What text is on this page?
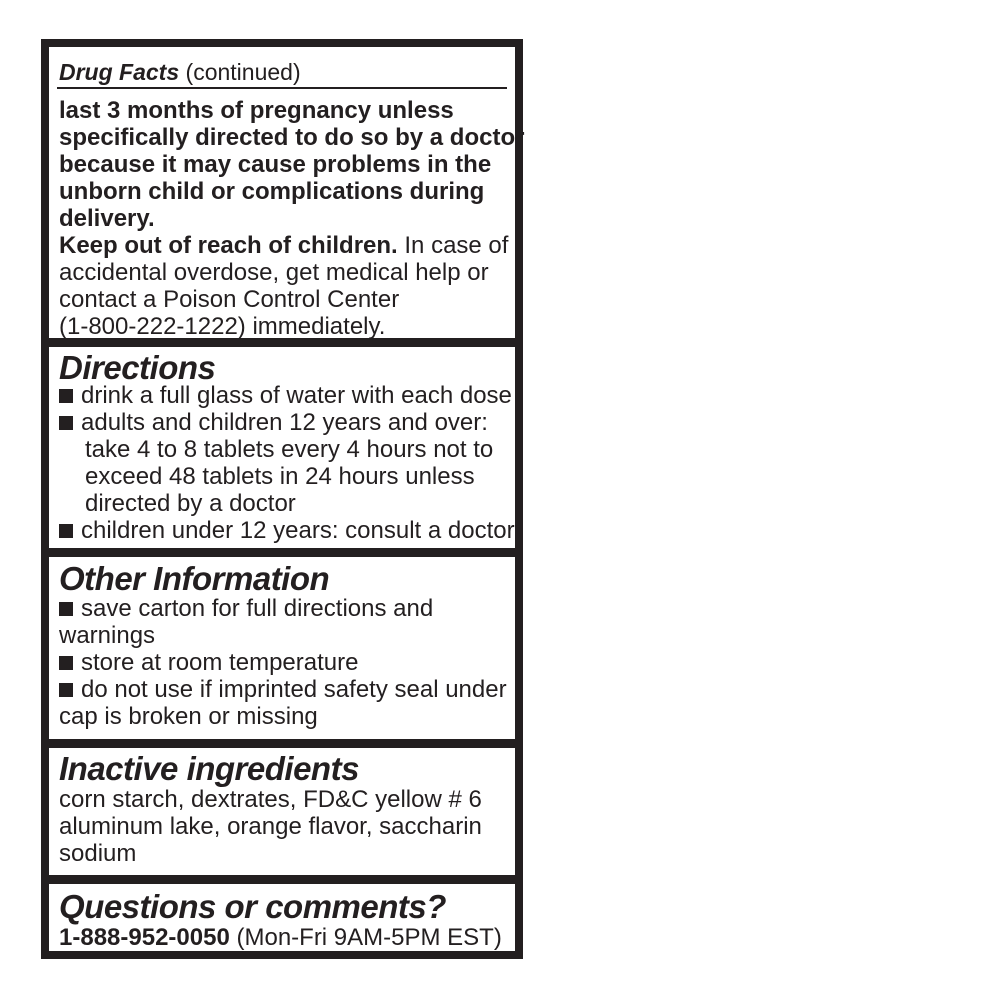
Drug Facts (continued)
last 3 months of pregnancy unless
specifically directed to do so by a doctor
because it may cause problems in the
unborn child or complications during
delivery.
Keep out of reach of children. In case of
accidental overdose, get medical help or
contact a Poison Control Center
(1-800-222-1222) immediately.
Directions
drink a full glass of water with each dose
adults and children 12 years and over:
take 4 to 8 tablets every 4 hours not to
exceed 48 tablets in 24 hours unless
directed by a doctor
children under 12 years: consult a doctor
Other Information
save carton for full directions and
warnings
store at room temperature
do not use if imprinted safety seal under
cap is broken or missing
Inactive ingredients
corn starch, dextrates, FD&C yellow # 6
aluminum lake, orange flavor, saccharin
sodium
Questions or comments?
1-888-952-0050 (Mon-Fri 9AM-5PM EST)
